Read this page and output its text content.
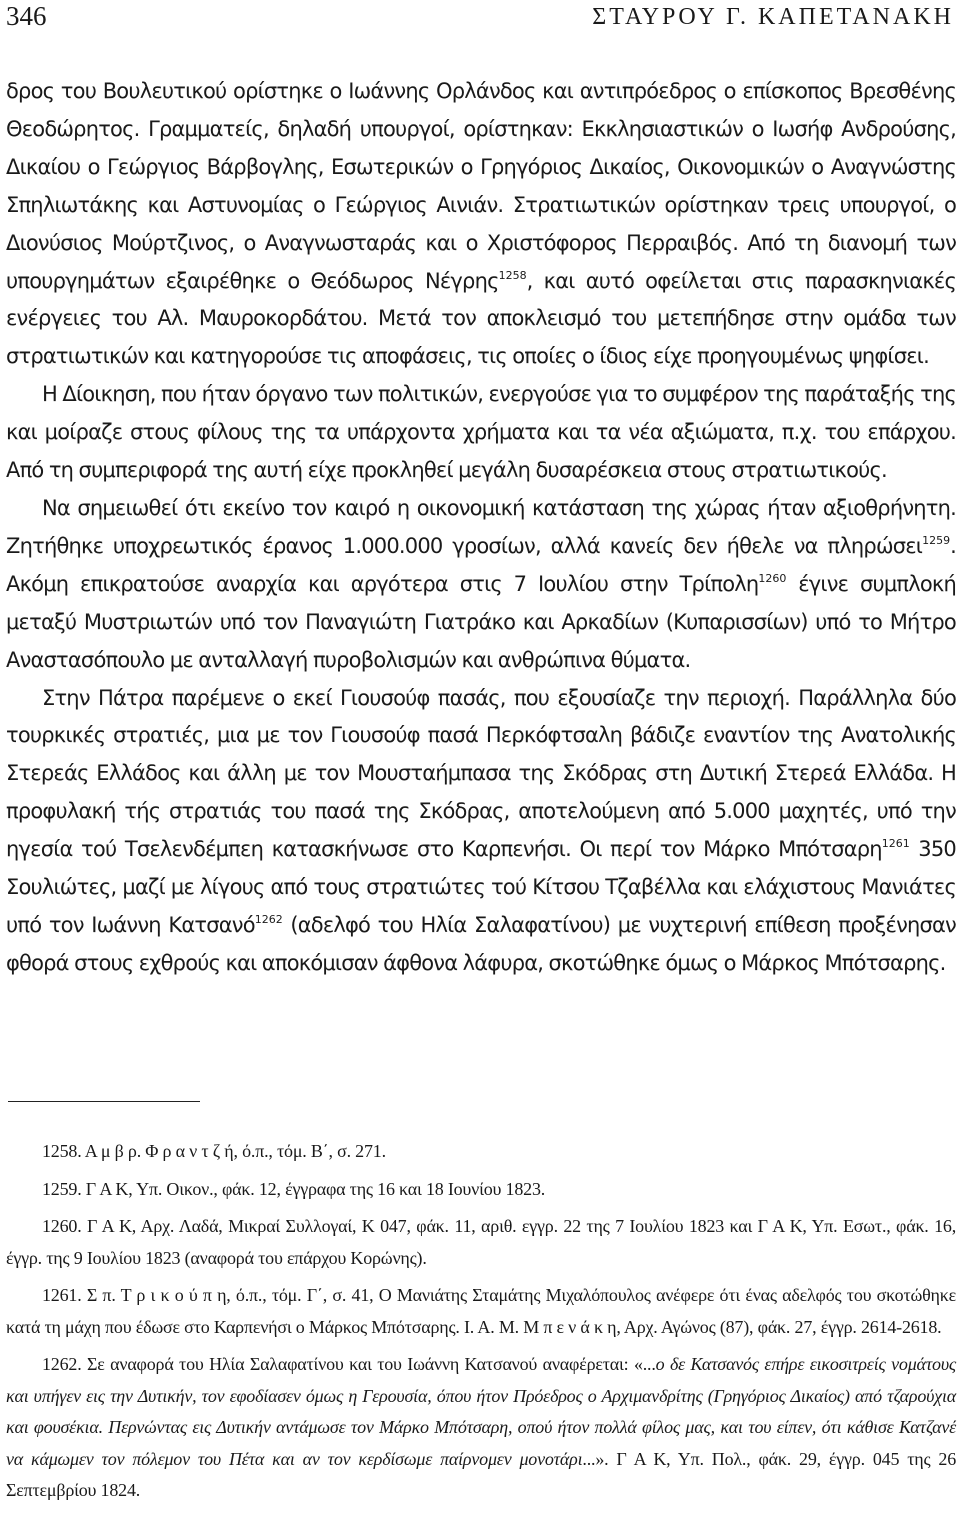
346	ΣΤΑΥΡΟΥ Γ. ΚΑΠΕΤΑΝΑΚΗ

δρος του Βουλευτικού ορίστηκε ο Ιωάννης Ορλάνδος και αντιπρόεδρος ο επίσκοπος Βρεσθένης Θεοδώρητος. Γραμματείς, δηλαδή υπουργοί, ορίστηκαν: Εκκλησιαστικών ο Ιωσήφ Ανδρούσης, Δικαίου ο Γεώργιος Βάρβογλης, Εσωτερικών ο Γρηγόριος Δικαίος, Οικονομικών ο Αναγνώστης Σπηλιωτάκης και Αστυνομίας ο Γεώργιος Αινιάν. Στρατιωτικών ορίστηκαν τρεις υπουργοί, ο Διονύσιος Μούρτζινος, ο Αναγνωσταράς και ο Χριστόφορος Περραιβός. Από τη διανομή των υπουργημάτων εξαιρέθηκε ο Θεόδωρος Νέγρης$^{1258}$, και αυτό οφείλεται στις παρασκηνιακές ενέργειες του Αλ. Μαυροκορδάτου. Μετά τον αποκλεισμό του μετεπήδησε στην ομάδα των στρατιωτικών και κατηγορούσε τις αποφάσεις, τις οποίες ο ίδιος είχε προηγουμένως ψηφίσει.

Η Δίοικηση, που ήταν όργανο των πολιτικών, ενεργούσε για το συμφέρον της παράταξής της και μοίραζε στους φίλους της τα υπάρχοντα χρήματα και τα νέα αξιώματα, π.χ. του επάρχου. Από τη συμπεριφορά της αυτή είχε προκληθεί μεγάλη δυσαρέσκεια στους στρατιωτικούς.

Να σημειωθεί ότι εκείνο τον καιρό η οικονομική κατάσταση της χώρας ήταν αξιοθρήνητη. Ζητήθηκε υποχρεωτικός έρανος 1.000.000 γροσίων, αλλά κανείς δεν ήθελε να πληρώσει$^{1259}$. Ακόμη επικρατούσε αναρχία και αργότερα στις 7 Ιουλίου στην Τρίπολη$^{1260}$ έγινε συμπλοκή μεταξύ Μυστριωτών υπό τον Παναγιώτη Γιατράκο και Αρκαδίων (Κυπαρισσίων) υπό το Μήτρο Αναστασόπουλο με ανταλλαγή πυροβολισμών και ανθρώπινα θύματα.

Στην Πάτρα παρέμενε ο εκεί Γιουσούφ πασάς, που εξουσίαζε την περιοχή. Παράλληλα δύο τουρκικές στρατιές, μια με τον Γιουσούφ πασά Περκόφτσαλη βάδιζε εναντίον της Ανατολικής Στερεάς Ελλάδος και άλλη με τον Μουσταήμπασα της Σκόδρας στη Δυτική Στερεά Ελλάδα. Η προφυλακή τής στρατιάς του πασά της Σκόδρας, αποτελούμενη από 5.000 μαχητές, υπό την ηγεσία τού Τσελενδέμπεη κατασκήνωσε στο Καρπενήσι. Οι περί τον Μάρκο Μπότσαρη$^{1261}$ 350 Σουλιώτες, μαζί με λίγους από τους στρατιώτες τού Κίτσου Τζαβέλλα και ελάχιστους Μανιάτες υπό τον Ιωάννη Κατσανό$^{1262}$ (αδελφό του Ηλία Σαλαφατίνου) με νυχτερινή επίθεση προξένησαν φθορά στους εχθρούς και αποκόμισαν άφθονα λάφυρα, σκοτώθηκε όμως ο Μάρκος Μπότσαρης.

1258. Α μ β ρ. Φ ρ α ν τ ζ ή, ό.π., τόμ. Β΄, σ. 271.

1259. Γ Α Κ, Υπ. Οικον., φάκ. 12, έγγραφα της 16 και 18 Ιουνίου 1823.

1260. Γ Α Κ, Αρχ. Λαδά, Μικραί Συλλογαί, Κ 047, φάκ. 11, αριθ. εγγρ. 22 της 7 Ιουλίου 1823 και Γ Α Κ, Υπ. Εσωτ., φάκ. 16, έγγρ. της 9 Ιουλίου 1823 (αναφορά του επάρχου Κορώνης).

1261. Σ π. Τ ρ ι κ ο ύ π η, ό.π., τόμ. Γ΄, σ. 41, Ο Μανιάτης Σταμάτης Μιχαλόπουλος ανέφερε ότι ένας αδελφός του σκοτώθηκε κατά τη μάχη που έδωσε στο Καρπενήσι ο Μάρκος Μπότσαρης. Ι. Α. Μ. Μ π ε ν ά κ η, Αρχ. Αγώνος (87), φάκ. 27, έγγρ. 2614-2618.

1262. Σε αναφορά του Ηλία Σαλαφατίνου και του Ιωάννη Κατσανού αναφέρεται: «...ο δε Κατσανός επήρε εικοσιτρείς νομάτους και υπήγεν εις την Δυτικήν, τον εφοδίασεν όμως η Γερουσία, όπου ήτον Πρόεδρος ο Αρχιμανδρίτης (Γρηγόριος Δικαίος) από τζαρούχια και φουσέκια. Περνώντας εις Δυτικήν αντάμωσε τον Μάρκο Μπότσαρη, οπού ήτον πολλά φίλος μας, και του είπεν, ότι κάθισε Κατζανέ να κάμωμεν τον πόλεμον του Πέτα και αν τον κερδίσωμε παίρνομεν μονοτάρι...». Γ Α Κ, Υπ. Πολ., φάκ. 29, έγγρ. 045 της 26 Σεπτεμβρίου 1824.
